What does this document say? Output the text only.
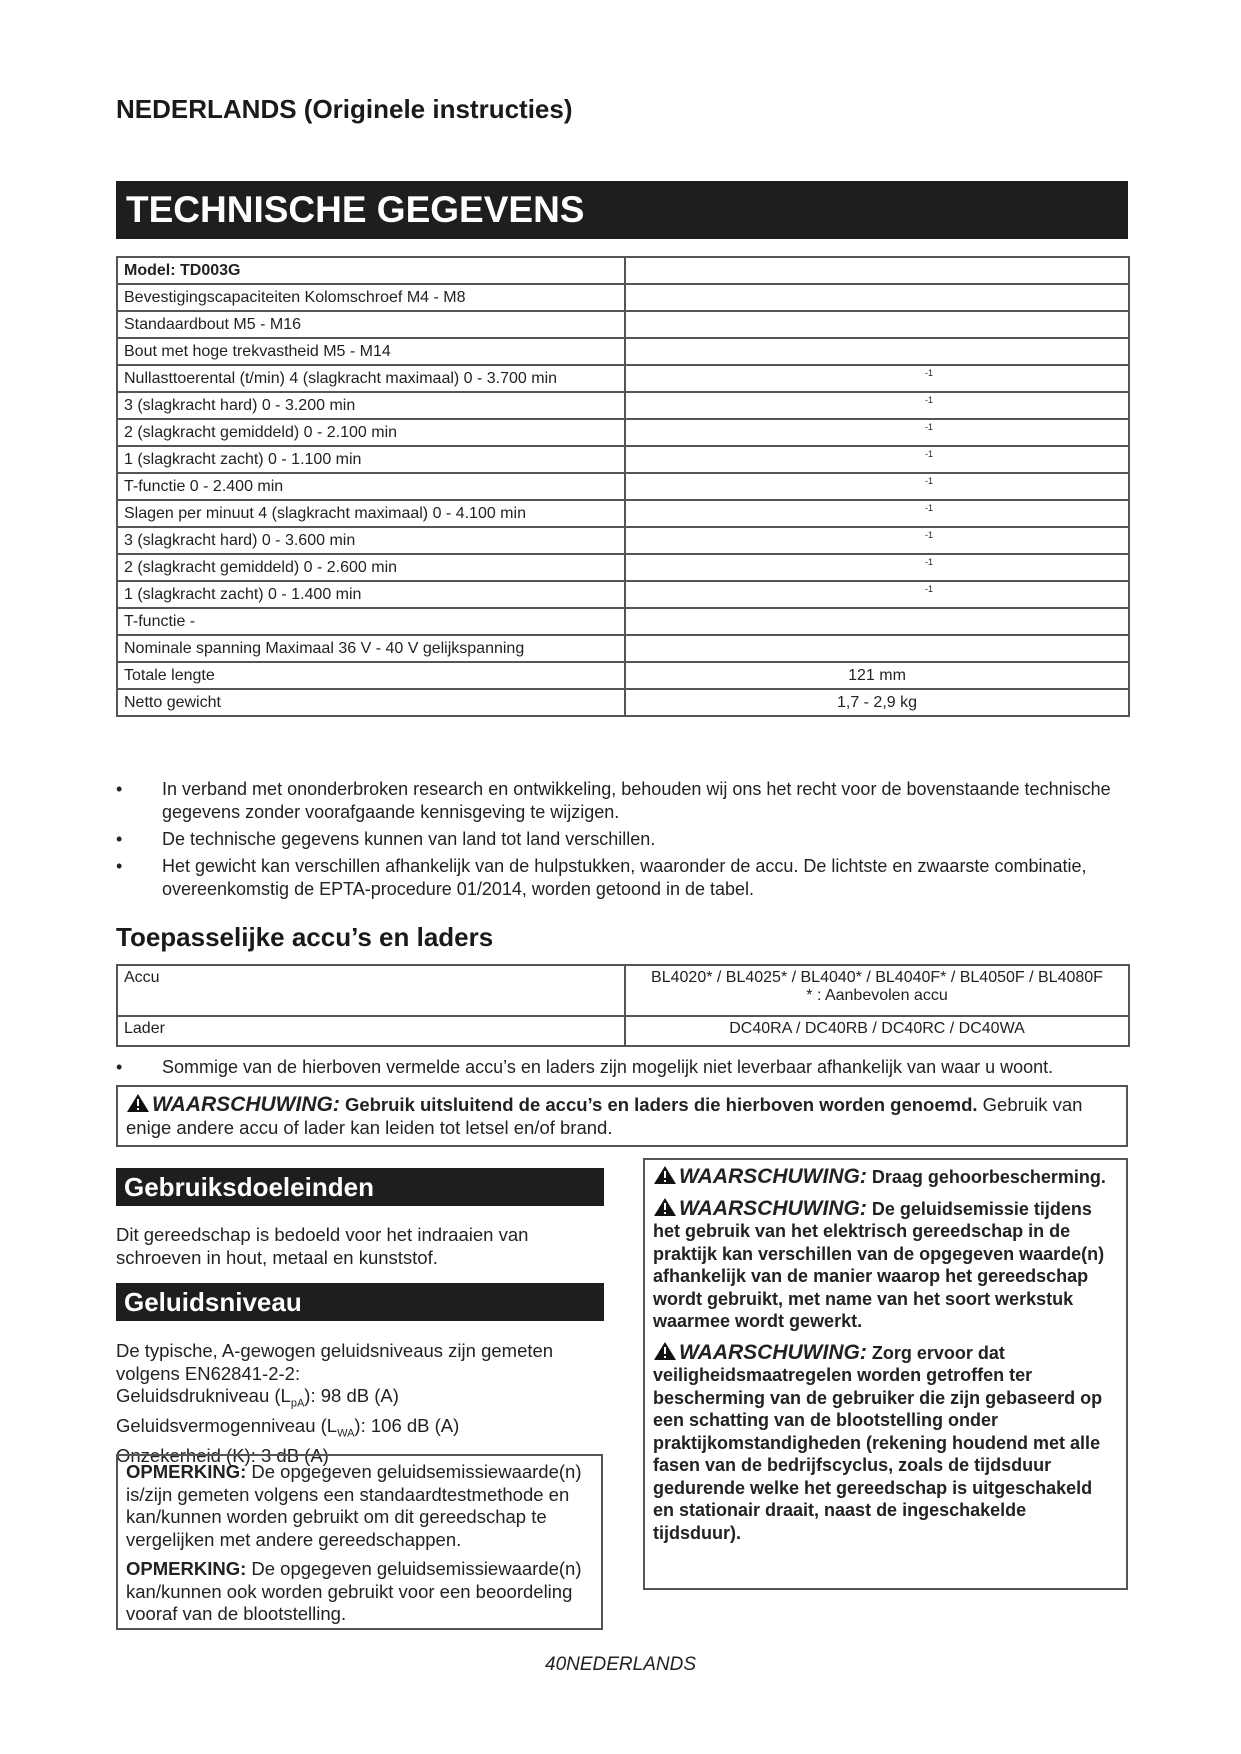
NEDERLANDS (Originele instructies)
TECHNISCHE GEGEVENS
Model: TD003G	
Bevestigingscapaciteiten Kolomschroef M4 - M8	
Standaardbout M5 - M16	
Bout met hoge trekvastheid M5 - M14	
Nullasttoerental (t/min) 4 (slagkracht maximaal) 0 - 3.700 min	-1

3 (slagkracht hard) 0 - 3.200 min	-1

2 (slagkracht gemiddeld) 0 - 2.100 min	-1

1 (slagkracht zacht) 0 - 1.100 min	-1

T-functie 0 - 2.400 min	-1

Slagen per minuut 4 (slagkracht maximaal) 0 - 4.100 min	-1

3 (slagkracht hard) 0 - 3.600 min	-1

2 (slagkracht gemiddeld) 0 - 2.600 min	-1

1 (slagkracht zacht) 0 - 1.400 min	-1

T-functie -	
Nominale spanning Maximaal 36 V - 40 V gelijkspanning	
Totale lengte	121 mm
Netto gewicht	1,7 - 2,9 kg
• In verband met ononderbroken research en ontwikkeling, behouden wij ons het recht voor de bovenstaande technische gegevens zonder voorafgaande kennisgeving te wijzigen.
• De technische gegevens kunnen van land tot land verschillen.
• Het gewicht kan verschillen afhankelijk van de hulpstukken, waaronder de accu. De lichtste en zwaarste combinatie, overeenkomstig de EPTA-procedure 01/2014, worden getoond in de tabel.
Toepasselijke accu’s en laders
Accu	BL4020* / BL4025* / BL4040* / BL4040F* / BL4050F / BL4080F
* : Aanbevolen accu

Lader	DC40RA / DC40RB / DC40RC / DC40WA
• Sommige van de hierboven vermelde accu’s en laders zijn mogelijk niet leverbaar afhankelijk van waar u woont.
WAARSCHUWING: Gebruik uitsluitend de accu’s en laders die hierboven worden genoemd. Gebruik van enige andere accu of lader kan leiden tot letsel en/of brand.
Gebruiksdoeleinden
Dit gereedschap is bedoeld voor het indraaien van schroeven in hout, metaal en kunststof.
Geluidsniveau
De typische, A-gewogen geluidsniveaus zijn gemeten volgens EN62841-2-2:
Geluidsdrukniveau $(L_{pA})$: 98 dB (A)
Geluidsvermogenniveau $(L_{WA})$: 106 dB (A)
Onzekerheid (K): 3 dB (A)

OPMERKING: De opgegeven geluidsemissiewaarde(n) is/zijn gemeten volgens een standaardtestmethode en kan/kunnen worden gebruikt om dit gereedschap te vergelijken met andere gereedschappen.

OPMERKING: De opgegeven geluidsemissiewaarde(n) kan/kunnen ook worden gebruikt voor een beoordeling vooraf van de blootstelling.

WAARSCHUWING: Draag gehoorbescherming.

WAARSCHUWING: De geluidsemissie tijdens het gebruik van het elektrisch gereedschap in de praktijk kan verschillen van de opgegeven waarde(n) afhankelijk van de manier waarop het gereedschap wordt gebruikt, met name van het soort werkstuk waarmee wordt gewerkt.

WAARSCHUWING: Zorg ervoor dat veiligheidsmaatregelen worden getroffen ter bescherming van de gebruiker die zijn gebaseerd op een schatting van de blootstelling onder praktijkomstandigheden (rekening houdend met alle fasen van de bedrijfscyclus, zoals de tijdsduur gedurende welke het gereedschap is uitgeschakeld en stationair draait, naast de ingeschakelde tijdsduur).

40NEDERLANDS
